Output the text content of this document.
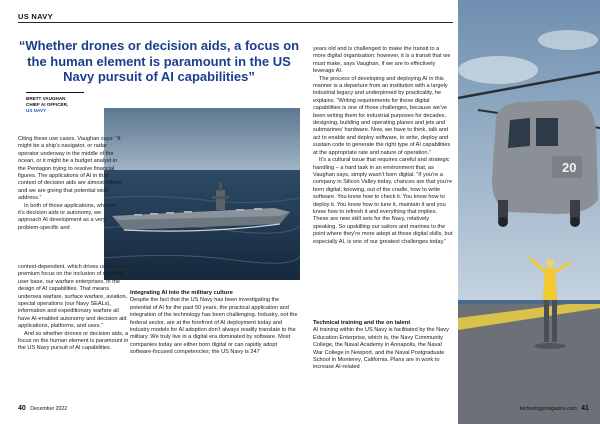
US NAVY
“Whether drones or decision aids, a focus on the human element is paramount in the US Navy pursuit of AI capabilities”
BRETT VAUGHAN
CHIEF AI OFFICER,
US NAVY

Citing these use cases, Vaughan says: “It might be a ship’s navigator, or radar operator underway in the middle of the ocean, or it might be a budget analyst in the Pentagon trying to resolve financial figures. The applications of AI in that context of decision aids are almost infinite and we are giving that potential wide address.”

In both of those applications, whether it’s decision aids or autonomy, we approach AI development as a very problem-specific and

context-dependent, which drives us to put a premium focus on the inclusion of our core user base, our warfare enterprises, in the design of AI capabilities. That means undersea warfare, surface warfare, aviation, special operations (our Navy SEALs), information and expeditionary warfare all have AI-enabled autonomy and decision aid applications, platforms, and uses.”

And so whether drones or decision aids, a focus on the human element is paramount in the US Navy pursuit of AI capabilities.

Integrating AI into the military culture

Despite the fact that the US Navy has been investigating the potential of AI for the past 50 years, the practical application and integration of the technology has been challenging. Industry, not the federal sector, are at the forefront of AI deployment today and industry models for AI adoption don’t always readily translate to the military. We truly live in a digital era dominated by software. Most companies today are either born digital or can rapidly adopt software-focused competencies; the US Navy is 247

years old and is challenged to make the transit to a more digital organisation; however, it is a transit that we must make, says Vaughan, if we are to effectively leverage AI.

The process of developing and deploying AI in this manner is a departure from an institution with a largely industrial legacy and underpinned by practicality, he explains. “Writing requirements for those digital capabilities is one of those challenges, because we’ve been writing them for industrial purposes for decades, designing, building and operating planes and jets and submarines’ hardware. Now, we have to think, talk and act to enable and deploy software, to write, deploy and sustain code to generate the right type of AI capabilities at the appropriate rate and nature of operation.”

It’s a cultural issue that requires careful and strategic handling – a hard task in an environment that, as Vaughan says, simply wasn’t born digital. “If you’re a company in Silicon Valley today, chances are that you’re born digital; knowing, out of the cradle, how to write software. You know how to check it. You know how to deploy it. You know how to tune it, maintain it and you know how to refresh it and everything that implies. These are new skill sets for the Navy, relatively speaking. So upskilling our sailors and marines to the point where they’re more adept at those digital skills, but especially AI, is one of our greatest challenges today.”

Technical training and the on talent

AI training within the US Navy is facilitated by the Navy Education Enterprise, which is, the Navy Community College, the Naval Academy in Annapolis, the Naval War College in Newport, and the Naval Postgraduate School in Monterey, California. Plans are in work to increase AI-related

20
40 December 2022	technologymagazine.com 41
